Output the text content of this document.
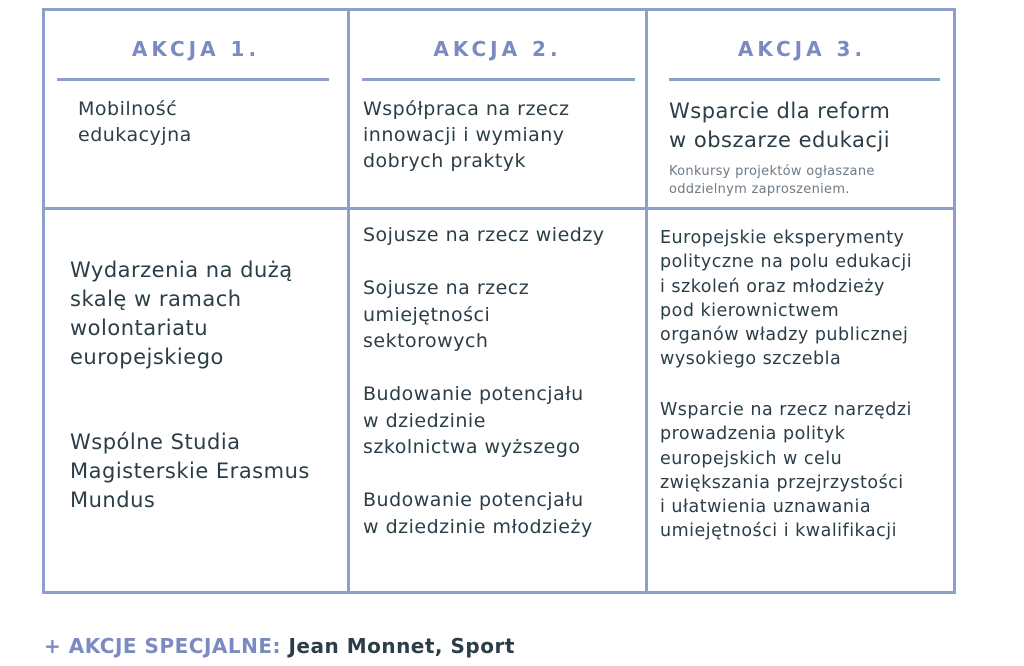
AKCJA 1.
Mobilność
edukacyjna
Wydarzenia na dużą
skalę w ramach
wolontariatu
europejskiego
Wspólne Studia
Magisterskie Erasmus
Mundus
AKCJA 2.
Współpraca na rzecz
innowacji i wymiany
dobrych praktyk
Sojusze na rzecz wiedzy
Sojusze na rzecz
umiejętności
sektorowych
Budowanie potencjału
w dziedzinie
szkolnictwa wyższego
Budowanie potencjału
w dziedzinie młodzieży
AKCJA 3.
Wsparcie dla reform
w obszarze edukacji
Konkursy projektów ogłaszane
oddzielnym zaproszeniem.
Europejskie eksperymenty
polityczne na polu edukacji
i szkoleń oraz młodzieży
pod kierownictwem
organów władzy publicznej
wysokiego szczebla
Wsparcie na rzecz narzędzi
prowadzenia polityk
europejskich w celu
zwiększania przejrzystości
i ułatwienia uznawania
umiejętności i kwalifikacji
+ AKCJE SPECJALNE: Jean Monnet, Sport
